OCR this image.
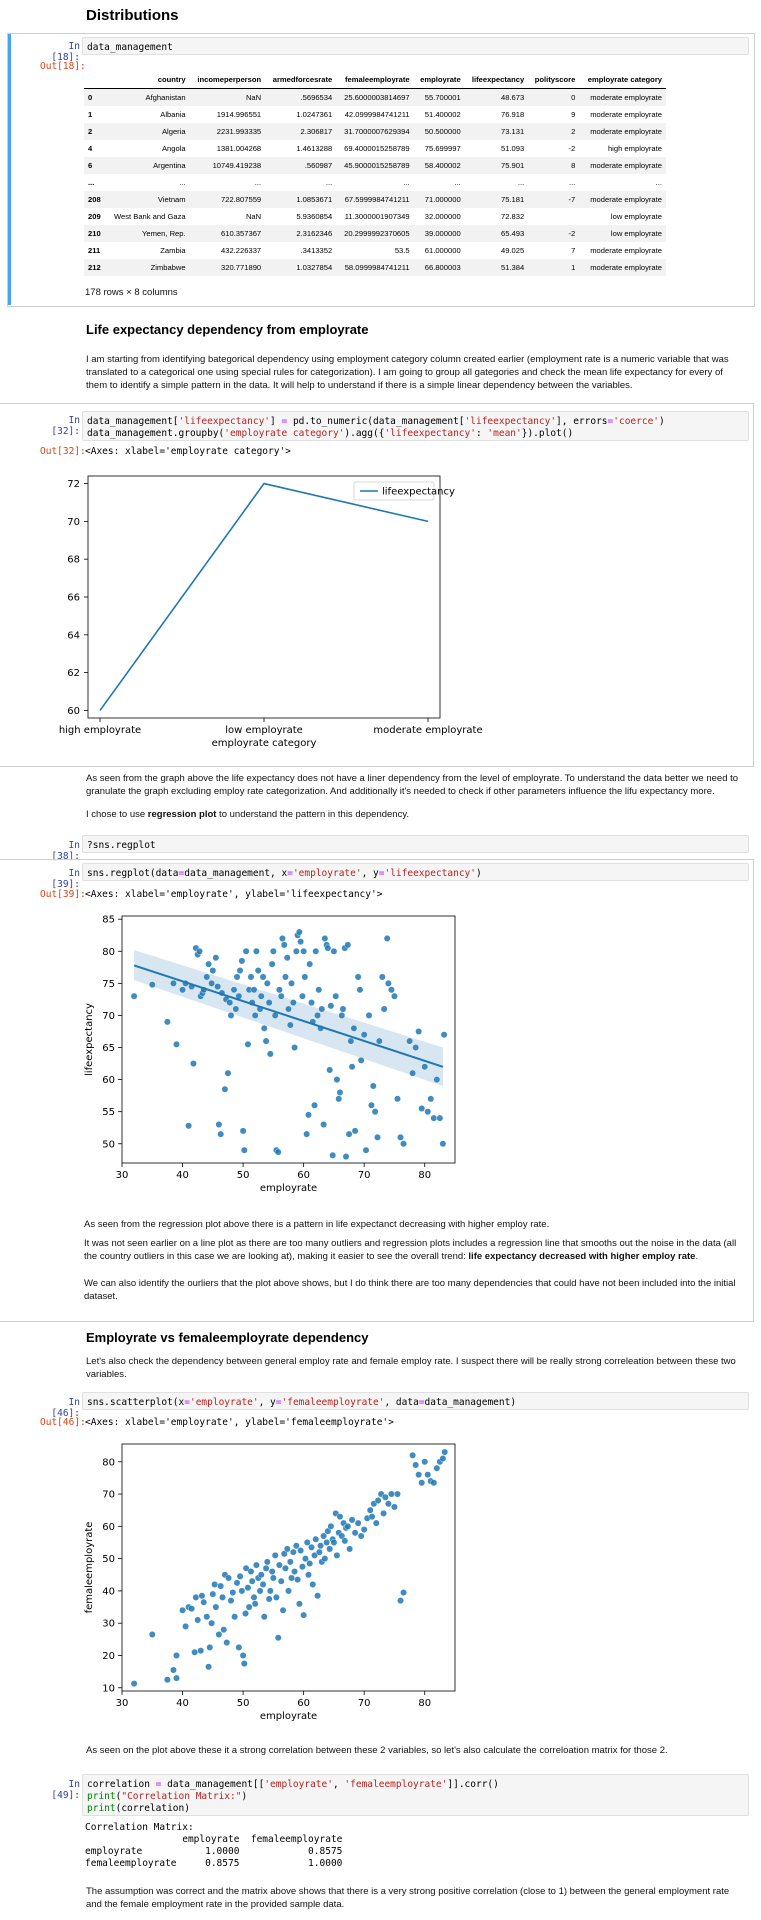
Distributions
In [18]:
data_management
Out[18]:
	country	incomeperperson	armedforcesrate	femaleemployrate	employrate	lifeexpectancy	polityscore	employrate category
0	Afghanistan	NaN	.5696534	25.6000003814697	55.700001	48.673	0	moderate employrate
1	Albania	1914.996551	1.0247361	42.0999984741211	51.400002	76.918	9	moderate employrate
2	Algeria	2231.993335	2.306817	31.7000007629394	50.500000	73.131	2	moderate employrate
4	Angola	1381.004268	1.4613288	69.4000015258789	75.699997	51.093	-2	high employrate
6	Argentina	10749.419238	.560987	45.9000015258789	58.400002	75.901	8	moderate employrate
...	...	...	...	...	...	...	...	...
208	Vietnam	722.807559	1.0853671	67.5999984741211	71.000000	75.181	-7	moderate employrate
209	West Bank and Gaza	NaN	5.9360854	11.3000001907349	32.000000	72.832		low employrate
210	Yemen, Rep.	610.357367	2.3162346	20.2999992370605	39.000000	65.493	-2	low employrate
211	Zambia	432.226337	.3413352	53.5	61.000000	49.025	7	moderate employrate
212	Zimbabwe	320.771890	1.0327854	58.0999984741211	66.800003	51.384	1	moderate employrate
178 rows × 8 columns
Life expectancy dependency from employrate
I am starting from identifying bategorical dependency using employment category column created earlier (employment rate is a numeric variable that was translated to a categorical one using special rules for categorization). I am going to group all gategories and check the mean life expectancy for every of them to identify a simple pattern in the data. It will help to understand if there is a simple linear dependency between the variables.
In [32]:
data_management['lifeexpectancy'] = pd.to_numeric(data_management['lifeexpectancy'], errors='coerce')
data_management.groupby('employrate category').agg({'lifeexpectancy': 'mean'}).plot()
Out[32]: <Axes: xlabel='employrate category'>
60
62
64
66
68
70
72
high employrate	low employrate	moderate employrate
employrate category
lifeexpectancy
As seen from the graph above the life expectancy does not have a liner dependency from the level of employrate. To understand the data better we need to granulate the graph excluding employ rate categorization. And additionally it's needed to check if other parameters influence the lifu expectancy more.
I chose to use regression plot to understand the pattern in this dependency.
In [38]:
?sns.regplot
In [39]:
sns.regplot(data=data_management, x='employrate', y='lifeexpectancy')
Out[39]: <Axes: xlabel='employrate', ylabel='lifeexpectancy'>
30	40	50	60	70	80
50
55
60
65
70
75
80
85
employrate
lifeexpectancy
As seen from the regression plot above there is a pattern in life expectanct decreasing with higher employ rate.
It was not seen earlier on a line plot as there are too many outliers and regression plots includes a regression line that smooths out the noise in the data (all the country outliers in this case we are looking at), making it easier to see the overall trend: life expectancy decreased with higher employ rate.
We can also identify the ourliers that the plot above shows, but I do think there are too many dependencies that could have not been included into the initial dataset.
Employrate vs femaleemployrate dependency
Let's also check the dependency between general employ rate and female employ rate. I suspect there will be really strong correleation between these two variables.
In [46]:
sns.scatterplot(x='employrate', y='femaleemployrate', data=data_management)
Out[46]: <Axes: xlabel='employrate', ylabel='femaleemployrate'>
30	40	50	60	70	80
10
20
30
40
50
60
70
80
employrate
femaleemployrate
As seen on the plot above these it a strong correlation between these 2 variables, so let's also calculate the correloation matrix for those 2.
In [49]:
correlation = data_management[['employrate', 'femaleemployrate']].corr()
print("Correlation Matrix:")
print(correlation)
Correlation Matrix:
employrate  femaleemployrate
employrate           1.0000            0.8575
femaleemployrate     0.8575            1.0000
The assumption was correct and the matrix above shows that there is a very strong positive correlation (close to 1) between the general employment rate and the female employment rate in the provided sample data.
